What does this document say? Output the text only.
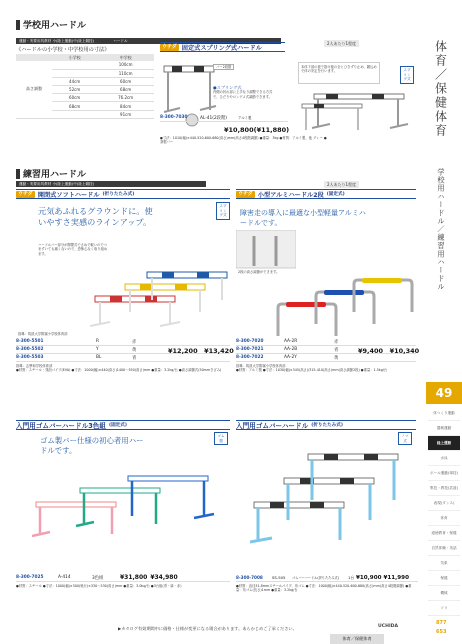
学校用ハードル
運動・実要用具教材 小(陸上運動)中(陸上競技)	ハードル
《ハードルの小学校・中学校用の寸法》
	小学校	中学校
高さ調整		100cm
		110cm
	44cm	60cm
	52cm	68cm
	60cm	76.2cm
	68cm	84cm
		91cm
ウチダ 固定式スプリング式ハードル
2人あたり1程度
バー2段階
●スプリング式
内側の折れ部に上手なり調整できる方式で、ひだりやロングメ式調節できます。
本体下部の板で掛け板の全とひきずり止め、競込めで体の安定を行います。	スプリング式
8-300-7030	AL-41(2段階)	アルミ製
¥10,800(¥11,880)
●寸法：1010(幅)×440-520-600-680(高さ)mm(高さ4段階調節) ●重量：3kg ●材質：アルミ製、他 グレー ●茶製バー
練習用ハードル
運動・実要用具教材 小(陸上運動)中(陸上競技)	2人あたり1程度
ウチダ 開閉式ソフトハードル (折りたたみ式)
スプリング式
元気あふれるグラウンドに。使いやすさ実感のラインアップ。
ハードルバー部分が開閉式でさめで軽いのでつまずいても痛くないので、恐怖心なく取り組めます。
指導：筑波大学附属小学校体育部
8-300-5501	R	赤
8-300-5502	Y	黄
8-300-5503	BL	青
¥12,200　 ¥13,420
指導：志摩和学校体育部
●材質：スチール・発泡パイプ(EVA) ●寸法：1000(幅)×440(高さ)1400～550(高さ)mm ●重量：3.2kg/台 ●高さ調節式(50mmきざみ)
ウチダ 小型アルミハードル2段 (固定式)
障害走の導入に最適な小型軽量アルミハードルです。
2段の高さ調節ができます。
8-300-7020	AA-2R	赤
8-300-7021	AA-2B	青
8-300-7022	AA-2Y	黄
¥9,400　 ¥10,340
指導：筑波大学附属小学校体育部
●材質：アルミ製 ●寸法：1030(幅)×345(高さ)/315-410(高さ)mm(高さ調節2段) ●重量：1.5kg/台
入門用ゴムバーハードル3色組 (固定式)
ゴム製
ゴム製バー仕様の初心者用ハードルです。
8-300-7025	A-414	3色組	¥31,800 ¥34,980
●材質：スチール ●寸法：1000(幅)×300(奥行)×330～530(高さ)mm ●重量：3.0kg/台 ●3台組(青・緑・赤)
入門用ゴムバーハードル (折りたたみ式)
ノマ式
8-300-7008	SS-505	ゴムバーハードル(折りたたみ式)	1台 ¥10,900 ¥11,990
●材質：直径31.8mmスチールパイプ、布ゴム ●寸法：1000(幅)×440-520-600-680(高さ)mm(高さ4段階調節) ●重量：布ゴム(長さ)1mm ●重量：3.2kg/台
▶カタログ有効期間中に価格・仕様が変更になる場合があります。あらかじめご了承ください。	UCHIDA
体育／保健体育
体育／保健体育
学校用ハードル／練習用ハードル
49
体つくり運動
器械運動
陸上運動
水泳
ボール運動(球技)
集技・教技(武道)
表現(ダンス)
体育
道徳教育・保健
自然体験・英話
気象
保健
機械
ソリ
877
653
